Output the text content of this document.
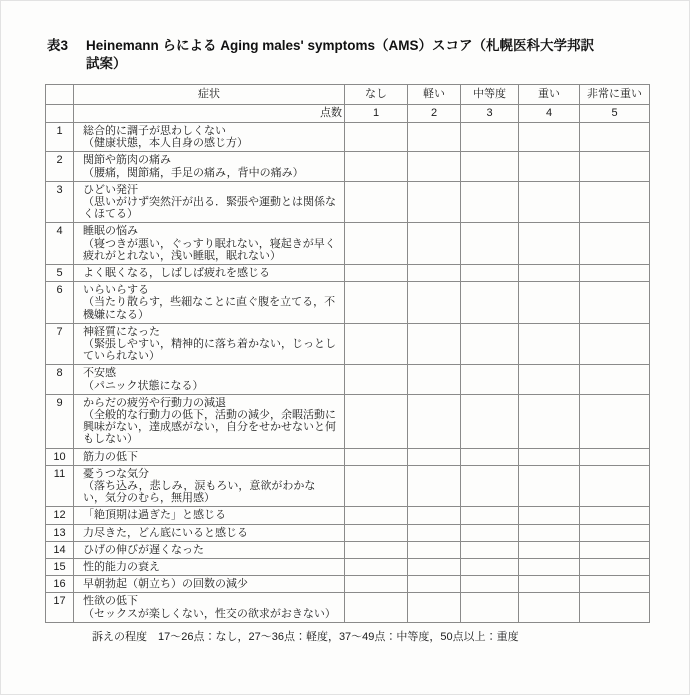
表3	Heinemann らによる Aging males' symptoms（AMS）スコア（札幌医科大学邦訳
試案）
	症状	なし	軽い	中等度	重い	非常に重い
	点数	1	2	3	4	5
1	総合的に調子が思わしくない
（健康状態，本人自身の感じ方）					

2	関節や筋肉の痛み
（腰痛，関節痛，手足の痛み，背中の痛み）					

3	ひどい発汗
（思いがけず突然汗が出る．緊張や運動とは関係なくほてる）					

4	睡眠の悩み
（寝つきが悪い，ぐっすり眠れない，寝起きが早く疲れがとれない，浅い睡眠，眠れない）					

5	よく眠くなる，しばしば疲れを感じる					

6	いらいらする
（当たり散らす，些細なことに直ぐ腹を立てる，不機嫌になる）					

7	神経質になった
（緊張しやすい，精神的に落ち着かない，じっとしていられない）					

8	不安感
（パニック状態になる）					

9	からだの疲労や行動力の減退
（全般的な行動力の低下，活動の減少，余暇活動に興味がない，達成感がない，自分をせかせないと何もしない）					

10	筋力の低下					

11	憂うつな気分
（落ち込み，悲しみ，涙もろい，意欲がわかない，気分のむら，無用感）					

12	「絶頂期は過ぎた」と感じる					

13	力尽きた，どん底にいると感じる					

14	ひげの伸びが遅くなった					

15	性的能力の衰え					

16	早朝勃起（朝立ち）の回数の減少					

17	性欲の低下
（セックスが楽しくない，性交の欲求がおきない）					

訴えの程度　17～26点：なし，27～36点：軽度，37～49点：中等度，50点以上：重度
